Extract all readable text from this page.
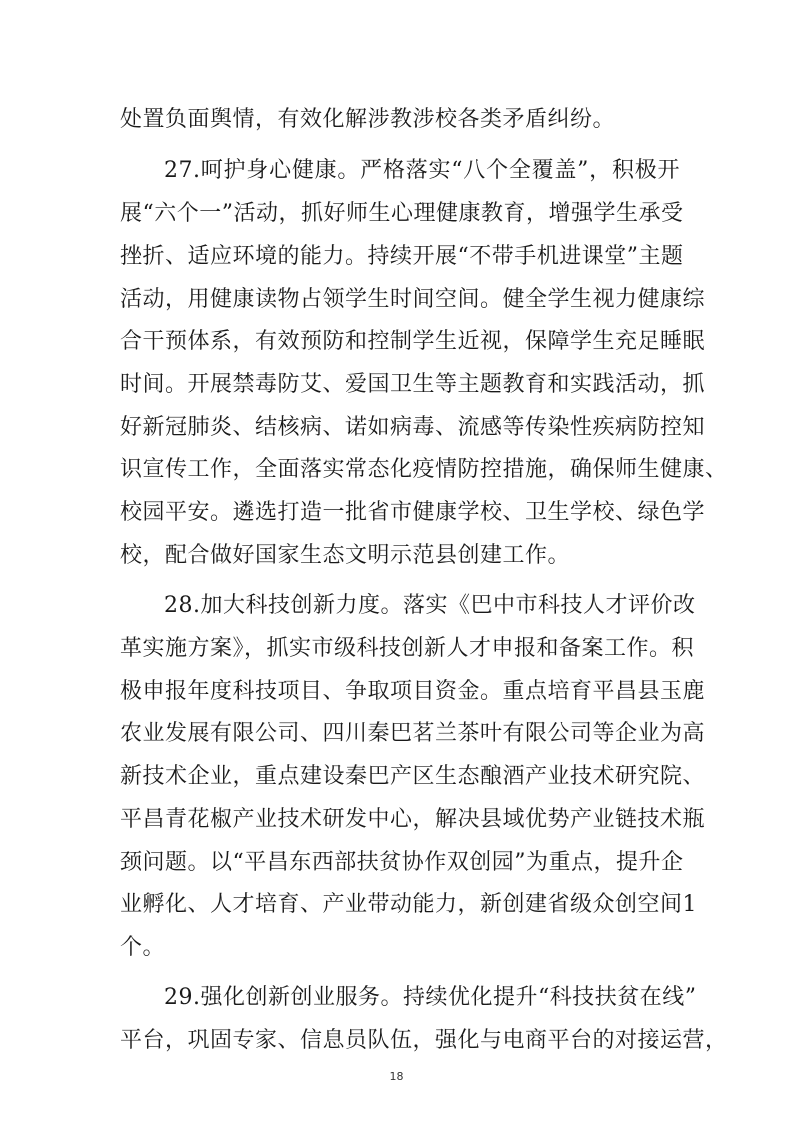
处置负面舆情，有效化解涉教涉校各类矛盾纠纷。
27.呵护身心健康。严格落实“八个全覆盖”，积极开
展“六个一”活动，抓好师生心理健康教育，增强学生承受
挫折、适应环境的能力。持续开展“不带手机进课堂”主题
活动，用健康读物占领学生时间空间。健全学生视力健康综
合干预体系，有效预防和控制学生近视，保障学生充足睡眠
时间。开展禁毒防艾、爱国卫生等主题教育和实践活动，抓
好新冠肺炎、结核病、诺如病毒、流感等传染性疾病防控知
识宣传工作，全面落实常态化疫情防控措施，确保师生健康、
校园平安。遴选打造一批省市健康学校、卫生学校、绿色学
校，配合做好国家生态文明示范县创建工作。
28.加大科技创新力度。落实《巴中市科技人才评价改
革实施方案》，抓实市级科技创新人才申报和备案工作。积
极申报年度科技项目、争取项目资金。重点培育平昌县玉鹿
农业发展有限公司、四川秦巴茗兰茶叶有限公司等企业为高
新技术企业，重点建设秦巴产区生态酿酒产业技术研究院、
平昌青花椒产业技术研发中心，解决县域优势产业链技术瓶
颈问题。以“平昌东西部扶贫协作双创园”为重点，提升企
业孵化、人才培育、产业带动能力，新创建省级众创空间1
个。
29.强化创新创业服务。持续优化提升“科技扶贫在线”
平台，巩固专家、信息员队伍，强化与电商平台的对接运营，
18
